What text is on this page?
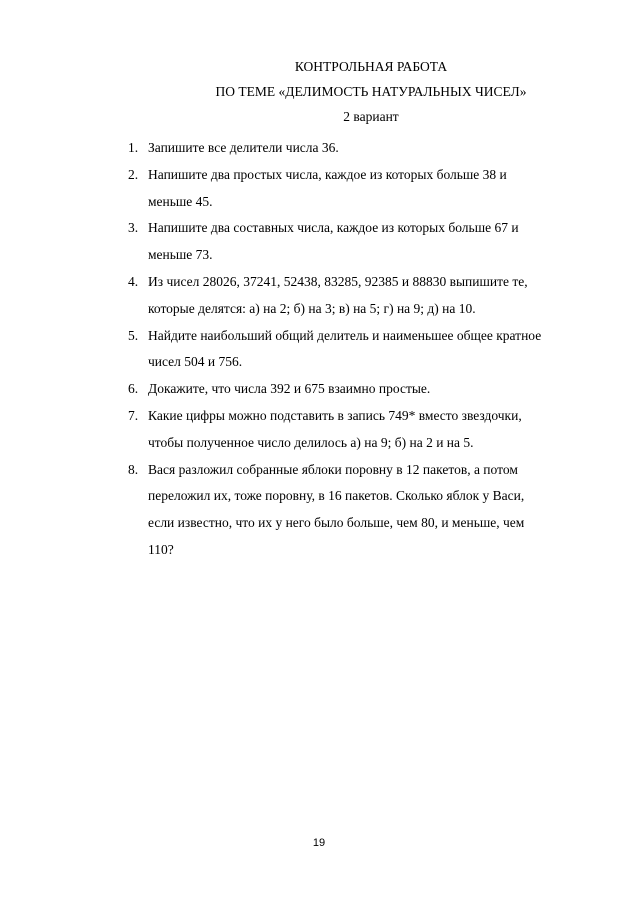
КОНТРОЛЬНАЯ РАБОТА
ПО ТЕМЕ «ДЕЛИМОСТЬ НАТУРАЛЬНЫХ ЧИСЕЛ»
2 вариант
1. Запишите все делители числа 36.
2. Напишите два простых числа, каждое из которых больше 38 и
меньше 45.
3. Напишите два составных числа, каждое из которых больше 67 и
меньше 73.
4. Из чисел 28026, 37241, 52438, 83285, 92385 и 88830 выпишите те,
которые делятся: а) на 2; б) на 3; в) на 5; г) на 9; д) на 10.
5. Найдите наибольший общий делитель и наименьшее общее кратное
чисел 504 и 756.
6. Докажите, что числа 392 и 675 взаимно простые.
7. Какие цифры можно подставить в запись 749* вместо звездочки,
чтобы полученное число делилось а) на 9; б) на 2 и на 5.
8. Вася разложил собранные яблоки поровну в 12 пакетов, а потом
переложил их, тоже поровну, в 16 пакетов. Сколько яблок у Васи,
если известно, что их у него было больше, чем 80, и меньше, чем
110?
19
